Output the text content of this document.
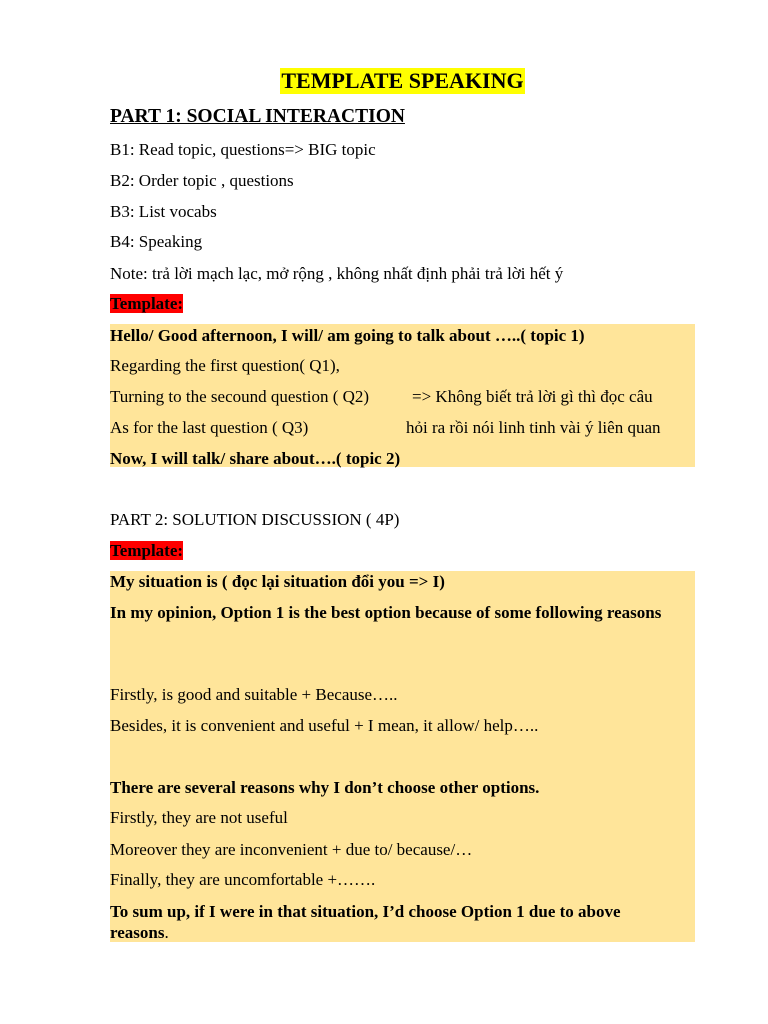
TEMPLATE SPEAKING
PART 1: SOCIAL INTERACTION
B1: Read topic, questions=> BIG topic
B2: Order topic , questions
B3: List vocabs
B4: Speaking
Note: trả lời mạch lạc, mở rộng , không nhất định phải trả lời hết ý
Template:
Hello/ Good afternoon, I will/ am going to talk about …..( topic 1)
Regarding the first question( Q1),
Turning to the secound question ( Q2)	=> Không biết trả lời gì thì đọc câu
As for the last question ( Q3)	hỏi ra rồi nói linh tinh vài ý liên quan
Now, I will talk/ share about….( topic 2)
PART 2: SOLUTION DISCUSSION ( 4P)
Template:
My situation is ( đọc lại situation đổi you => I)
In my opinion, Option 1 is the best option because of some following reasons
Firstly, is good and suitable + Because…..
Besides, it is convenient and useful + I mean, it allow/ help…..
There are several reasons why I don’t choose other options.
Firstly, they are not useful
Moreover they are inconvenient + due to/ because/…
Finally, they are uncomfortable +…….
To sum up, if I were in that situation, I’d choose Option 1 due to above reasons.
